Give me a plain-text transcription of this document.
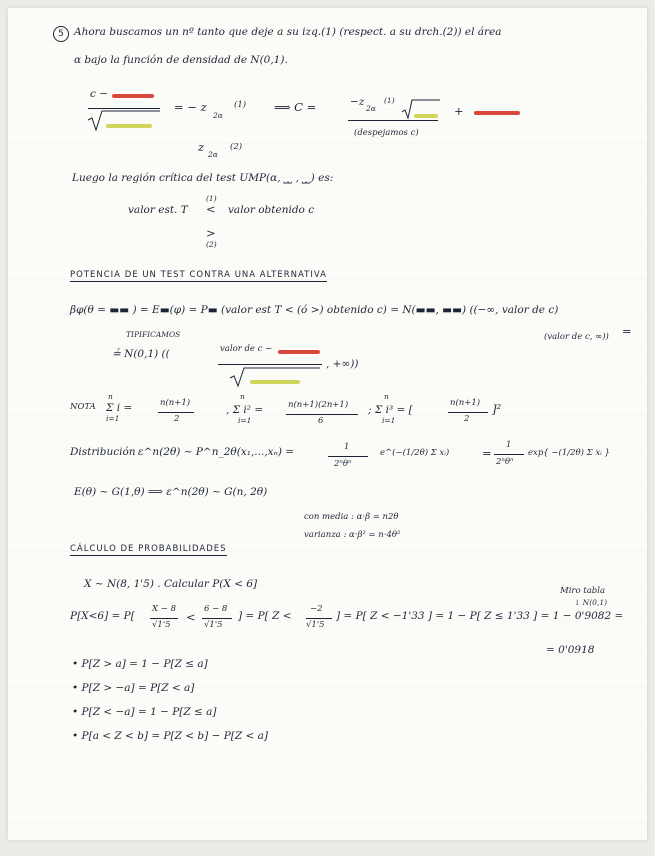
5 Ahora buscamos un nº tanto que deje a su izq.(1) (respect. a su drch.(2)) el área
α bajo la función de densidad de N(0,1).
c −
= − z
2α
(1) ⟹ C =	−z
2α
(1)
(despejamos c)
+
z
2α
(2)
Luego la región crítica del test UMP(α, ⎵⎵ , ⎵⎵) es:
valor est. T
(1)
< valor obtenido c
>
(2)
POTENCIA DE UN TEST CONTRA UNA ALTERNATIVA
βφ(θ = ▬▬ ) = E▬(φ) = P▬ (valor est T < (ó >) obtenido c) = N(▬▬, ▬▬) ((−∞, valor de c)
(valor de c, ∞)) =
TIPIFICAMOS
≟ N(0,1) ((	valor de c −
, +∞))
NOTA
n
Σ i =
i=1
n(n+1)
2
n
, Σ i² =
i=1
n(n+1)(2n+1)
6
n
; Σ i³ = [
i=1
n(n+1)
2
]²
Distribución ε^n(2θ) ~ P^n_2θ(x₁,...,xₙ) =	1
2ⁿθⁿ
e^(−(1/2θ) Σ xᵢ)	=
1
2ⁿθⁿ
exp{ −(1/2θ) Σ xᵢ }
E(θ) ~ G(1,θ) ⟹ ε^n(2θ) ~ G(n, 2θ)
con media : α·β = n2θ
varianza : α·β² = n·4θ²
CÁLCULO DE PROBABILIDADES
X ~ N(8, 1'5) . Calcular P(X < 6]
P[X<6] = P[
X − 8
√1'5
<
6 − 8
√1'5
] = P[ Z <
−2
√1'5
] = P[ Z < −1'33 ] = 1 − P[ Z ≤ 1'33 ] = 1 − 0'9082 =
Miro tabla
↓ N(0,1)
= 0'0918
• P[Z > a] = 1 − P[Z ≤ a]
• P[Z > −a] = P[Z < a]
• P[Z < −a] = 1 − P[Z ≤ a]
• P[a < Z < b] = P[Z < b] − P[Z < a]
